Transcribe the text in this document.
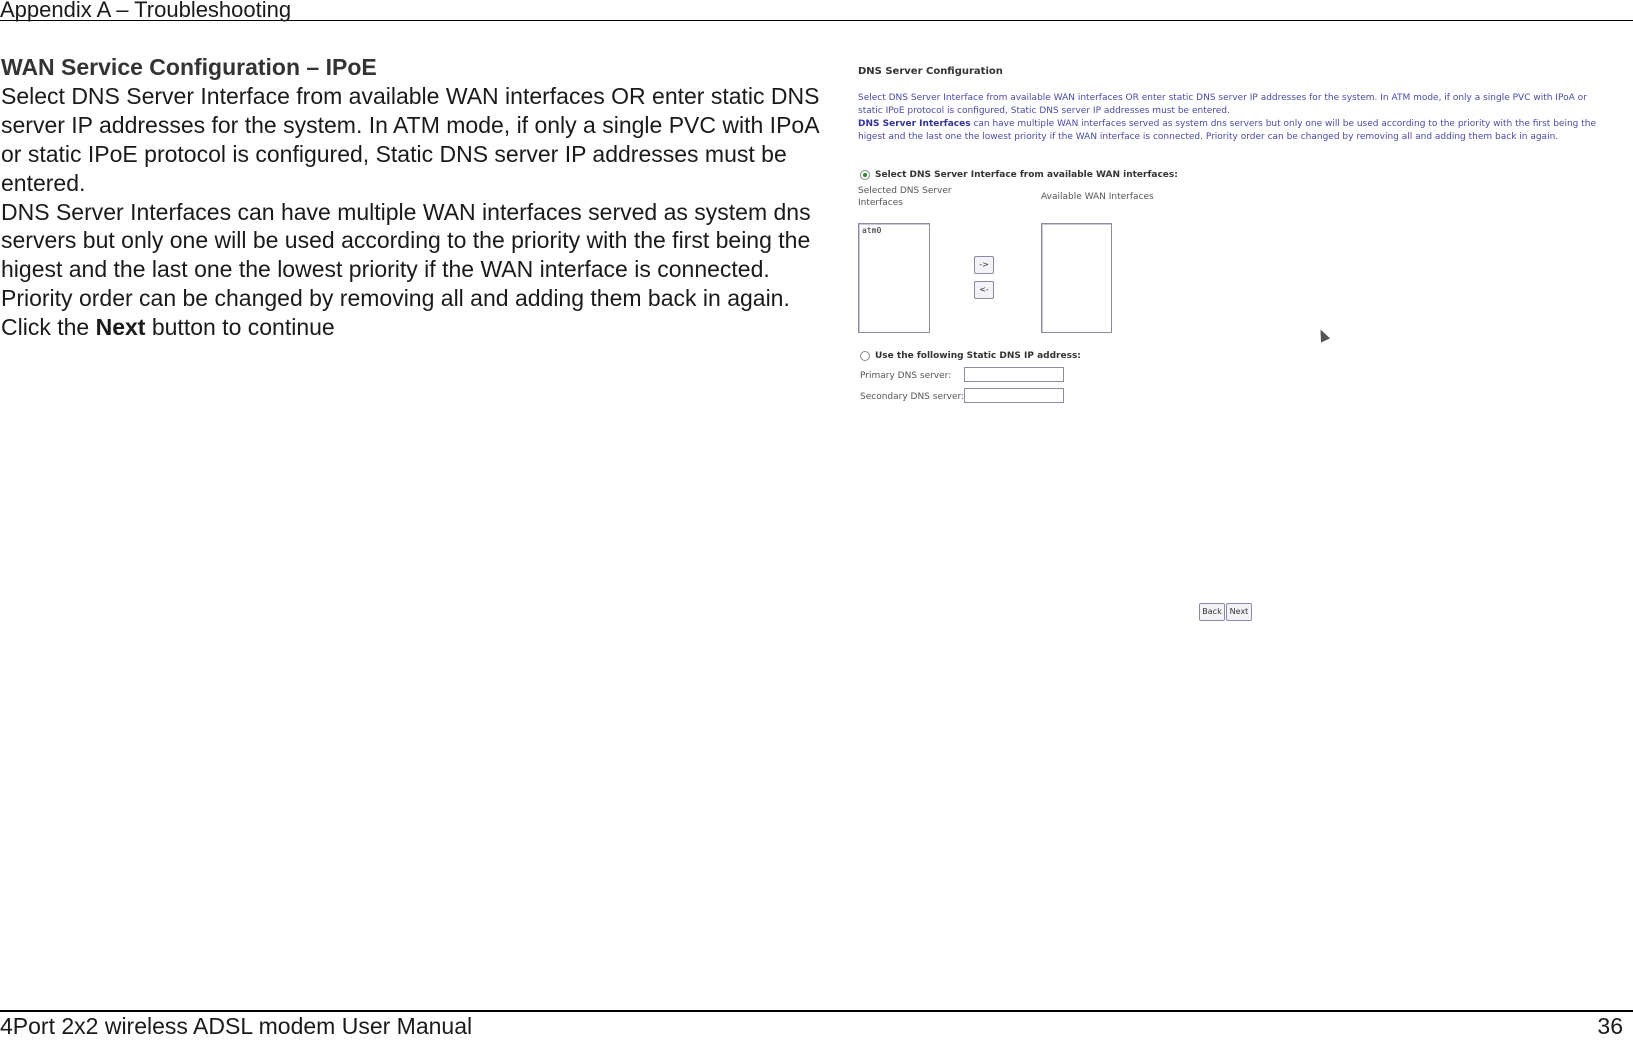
Appendix A – Troubleshooting
WAN Service Configuration – IPoE

Select DNS Server Interface from available WAN interfaces OR enter static DNS server IP addresses for the system. In ATM mode, if only a single PVC with IPoA or static IPoE protocol is configured, Static DNS server IP addresses must be entered.

DNS Server Interfaces can have multiple WAN interfaces served as system dns servers but only one will be used according to the priority with the first being the higest and the last one the lowest priority if the WAN interface is connected. Priority order can be changed by removing all and adding them back in again. Click the Next button to continue

DNS Server Configuration
Select DNS Server Interface from available WAN interfaces OR enter static DNS server IP addresses for the system. In ATM mode, if only a single PVC with IPoA or static IPoE protocol is configured, Static DNS server IP addresses must be entered.
DNS Server Interfaces can have multiple WAN interfaces served as system dns servers but only one will be used according to the priority with the first being the higest and the last one the lowest priority if the WAN interface is connected. Priority order can be changed by removing all and adding them back in again.
Select DNS Server Interface from available WAN interfaces:
Selected DNS Server Interfaces
Available WAN Interfaces
atm0
->
<-
Use the following Static DNS IP address:
Primary DNS server:
Secondary DNS server:
Back Next
4Port 2x2 wireless ADSL modem User Manual	36
